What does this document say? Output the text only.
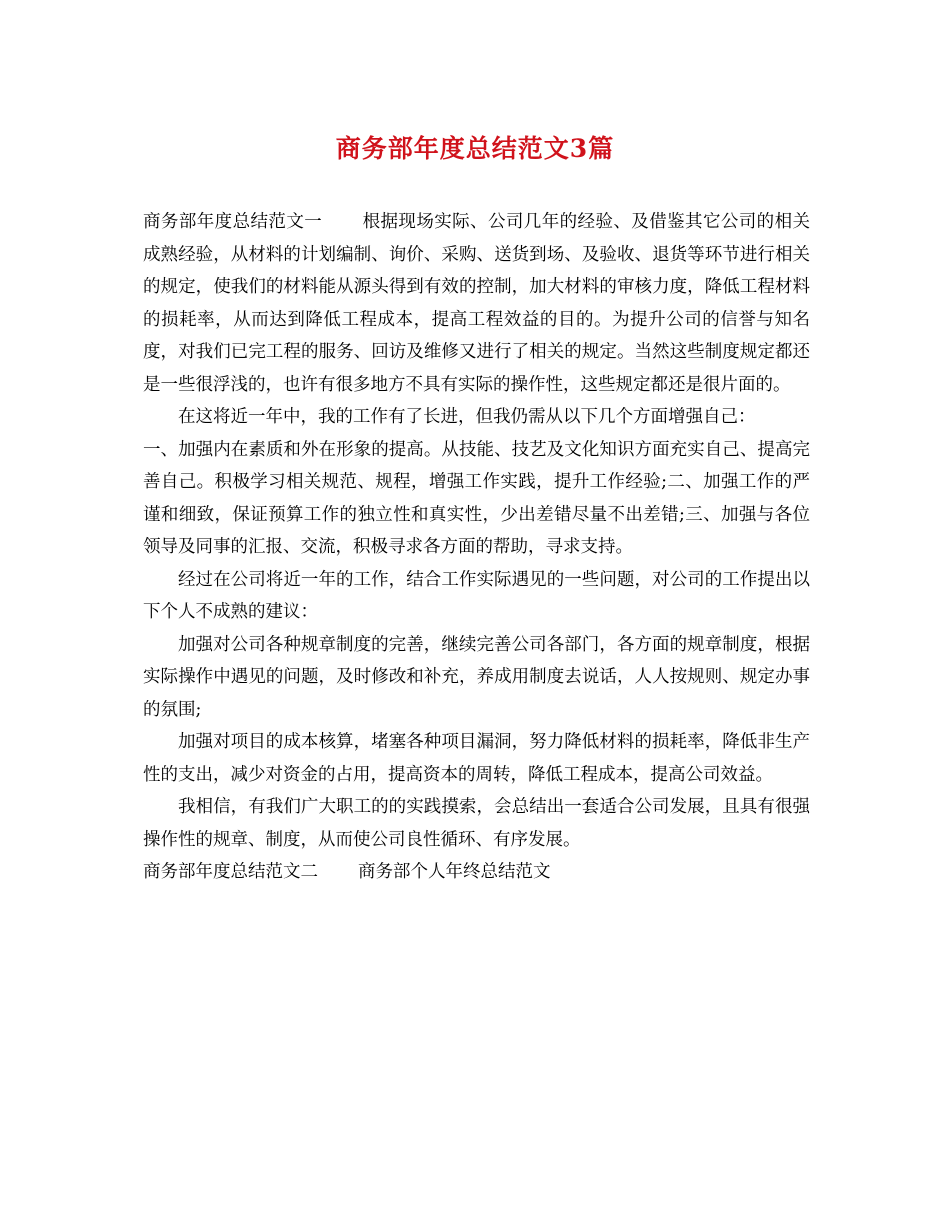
商务部年度总结范文3篇

商务部年度总结范文一 根据现场实际、公司几年的经验、及借鉴其它公司的相关成熟经验，从材料的计划编制、询价、采购、送货到场、及验收、退货等环节进行相关的规定，使我们的材料能从源头得到有效的控制，加大材料的审核力度，降低工程材料的损耗率，从而达到降低工程成本，提高工程效益的目的。为提升公司的信誉与知名度，对我们已完工程的服务、回访及维修又进行了相关的规定。当然这些制度规定都还是一些很浮浅的，也许有很多地方不具有实际的操作性，这些规定都还是很片面的。

在这将近一年中，我的工作有了长进，但我仍需从以下几个方面增强自己：

一、加强内在素质和外在形象的提高。从技能、技艺及文化知识方面充实自己、提高完善自己。积极学习相关规范、规程，增强工作实践，提升工作经验;二、加强工作的严谨和细致，保证预算工作的独立性和真实性，少出差错尽量不出差错;三、加强与各位领导及同事的汇报、交流，积极寻求各方面的帮助，寻求支持。

经过在公司将近一年的工作，结合工作实际遇见的一些问题，对公司的工作提出以下个人不成熟的建议：

加强对公司各种规章制度的完善，继续完善公司各部门，各方面的规章制度，根据实际操作中遇见的问题，及时修改和补充，养成用制度去说话，人人按规则、规定办事的氛围;

加强对项目的成本核算，堵塞各种项目漏洞，努力降低材料的损耗率，降低非生产性的支出，减少对资金的占用，提高资本的周转，降低工程成本，提高公司效益。

我相信，有我们广大职工的的实践摸索，会总结出一套适合公司发展，且具有很强操作性的规章、制度，从而使公司良性循环、有序发展。

商务部年度总结范文二 商务部个人年终总结范文
